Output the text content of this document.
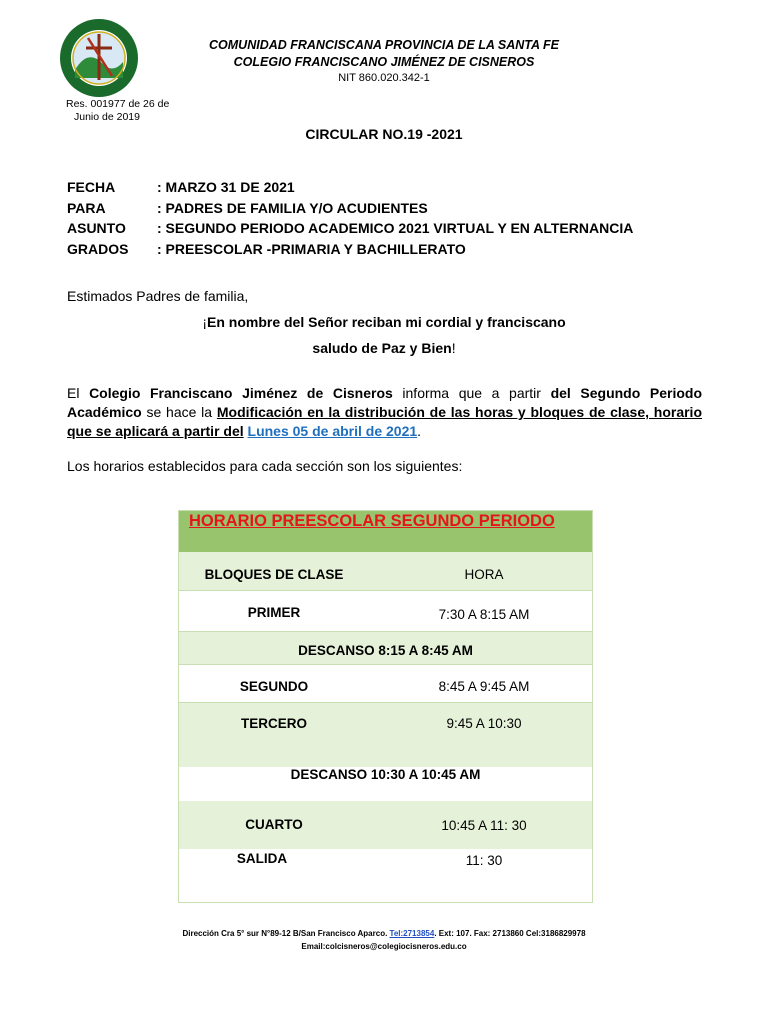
COMUNIDAD FRANCISCANA PROVINCIA DE LA SANTA FE
COLEGIO FRANCISCANO JIMÉNEZ DE CISNEROS
NIT 860.020.342-1
Res. 001977 de 26 de
Junio de 2019
CIRCULAR NO.19 -2021
FECHA	: MARZO 31 DE 2021
PARA	: PADRES DE FAMILIA Y/O ACUDIENTES
ASUNTO : SEGUNDO PERIODO ACADEMICO 2021 VIRTUAL Y EN ALTERNANCIA
GRADOS : PREESCOLAR -PRIMARIA Y BACHILLERATO
Estimados Padres de familia,
¡En nombre del Señor reciban mi cordial y franciscano
saludo de Paz y Bien!
El Colegio Franciscano Jiménez de Cisneros informa que a partir del Segundo Periodo Académico se hace la Modificación en la distribución de las horas y bloques de clase, horario que se aplicará a partir del Lunes 05 de abril de 2021.
Los horarios establecidos para cada sección son los siguientes:
HORARIO PREESCOLAR SEGUNDO PERIODO
BLOQUES DE CLASE	HORA
PRIMER	7:30 A 8:15 AM
DESCANSO 8:15 A 8:45 AM
SEGUNDO	8:45 A 9:45 AM
TERCERO	9:45 A 10:30
DESCANSO 10:30 A 10:45 AM
CUARTO	10:45 A 11: 30
SALIDA	11: 30
Dirección Cra 5° sur N°89-12 B/San Francisco Aparco. Tel:2713854. Ext: 107. Fax: 2713860 Cel:3186829978
Email:colcisneros@colegiocisneros.edu.co
